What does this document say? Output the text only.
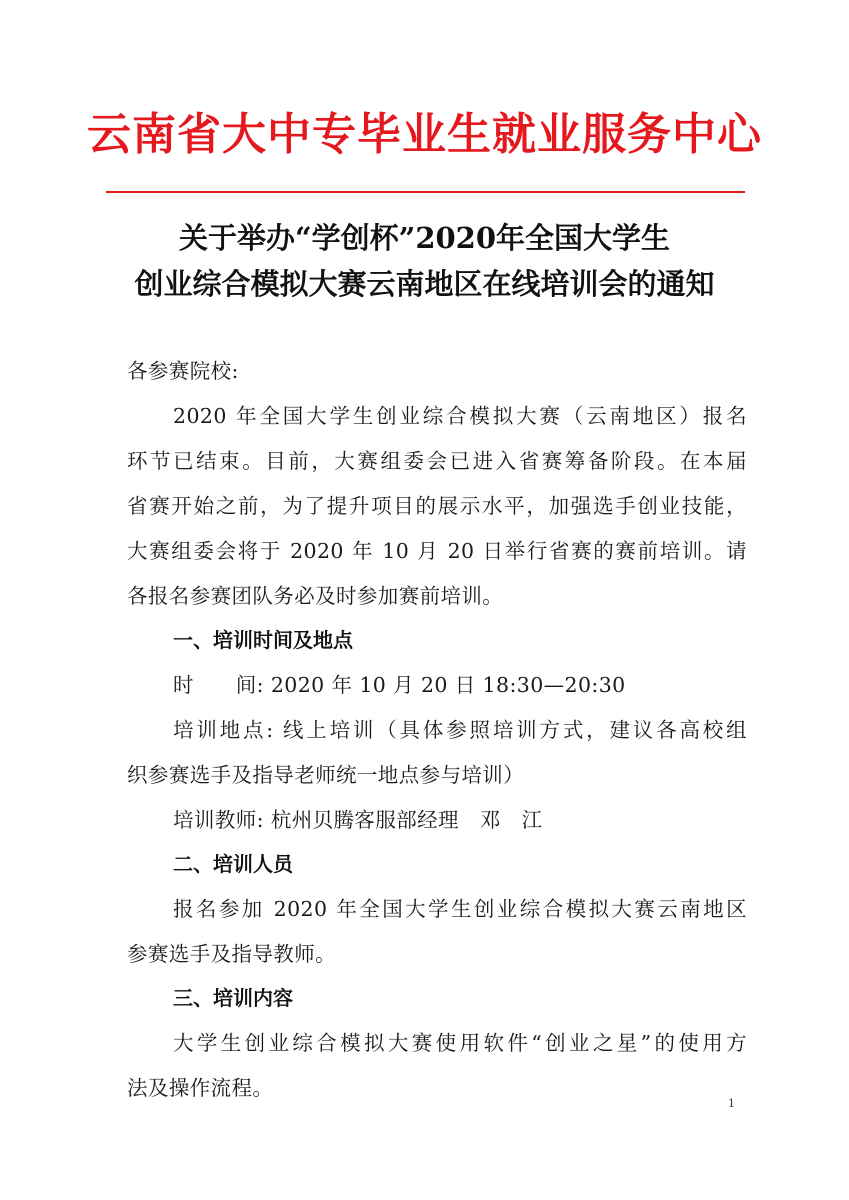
云南省大中专毕业生就业服务中心
关于举办“学创杯”2020年全国大学生
创业综合模拟大赛云南地区在线培训会的通知
各参赛院校:
2020 年全国大学生创业综合模拟大赛（云南地区）报名
环节已结束。目前，大赛组委会已进入省赛筹备阶段。在本届
省赛开始之前，为了提升项目的展示水平，加强选手创业技能，
大赛组委会将于 2020 年 10 月 20 日举行省赛的赛前培训。请
各报名参赛团队务必及时参加赛前培训。
一、培训时间及地点
时　　间: 2020 年 10 月 20 日 18:30—20:30
培训地点: 线上培训（具体参照培训方式，建议各高校组
织参赛选手及指导老师统一地点参与培训）
培训教师: 杭州贝腾客服部经理　邓　江
二、培训人员
报名参加 2020 年全国大学生创业综合模拟大赛云南地区
参赛选手及指导教师。
三、培训内容
大学生创业综合模拟大赛使用软件“创业之星”的使用方
法及操作流程。
1
